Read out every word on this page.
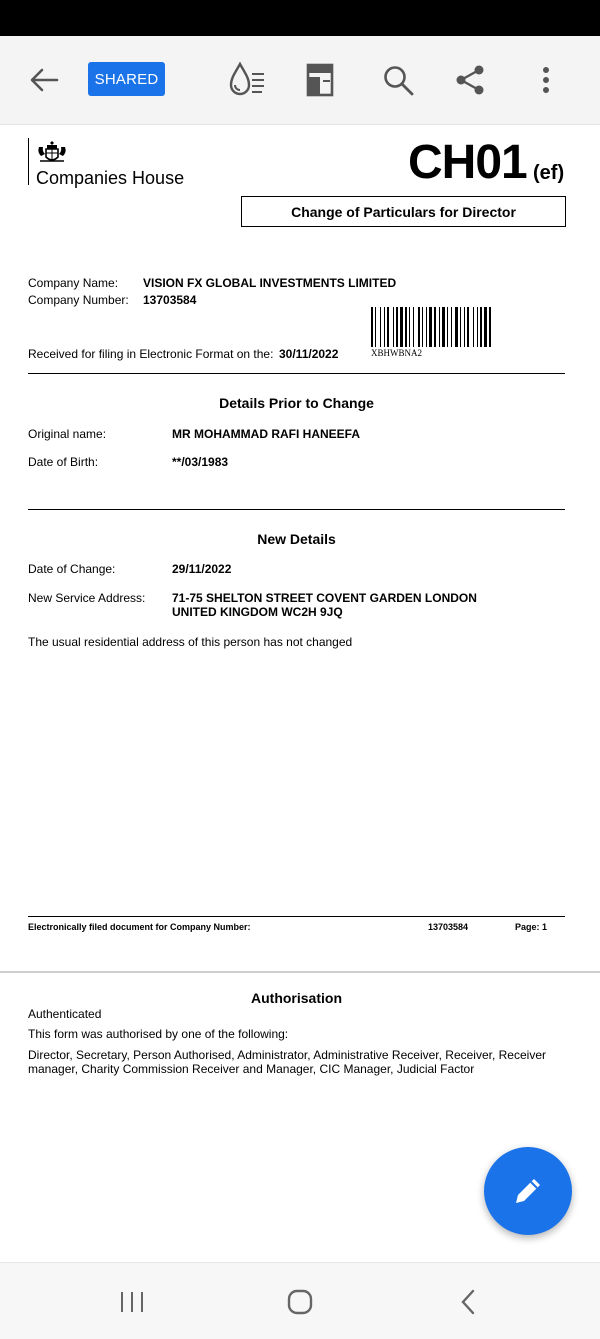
SHARED
Companies House	CH01 (ef)
Change of Particulars for Director
Company Name: VISION FX GLOBAL INVESTMENTS LIMITED
Company Number: 13703584
XBHWBNA2
Received for filing in Electronic Format on the: 30/11/2022
Details Prior to Change
Original name:	MR MOHAMMAD RAFI HANEEFA
Date of Birth:	**/03/1983
New Details
Date of Change:	29/11/2022
New Service Address: 71-75 SHELTON STREET COVENT GARDEN LONDON
UNITED KINGDOM WC2H 9JQ
The usual residential address of this person has not changed
Electronically filed document for Company Number:	13703584	Page: 1
Authorisation
Authenticated
This form was authorised by one of the following:
Director, Secretary, Person Authorised, Administrator, Administrative Receiver, Receiver, Receiver
manager, Charity Commission Receiver and Manager, CIC Manager, Judicial Factor
